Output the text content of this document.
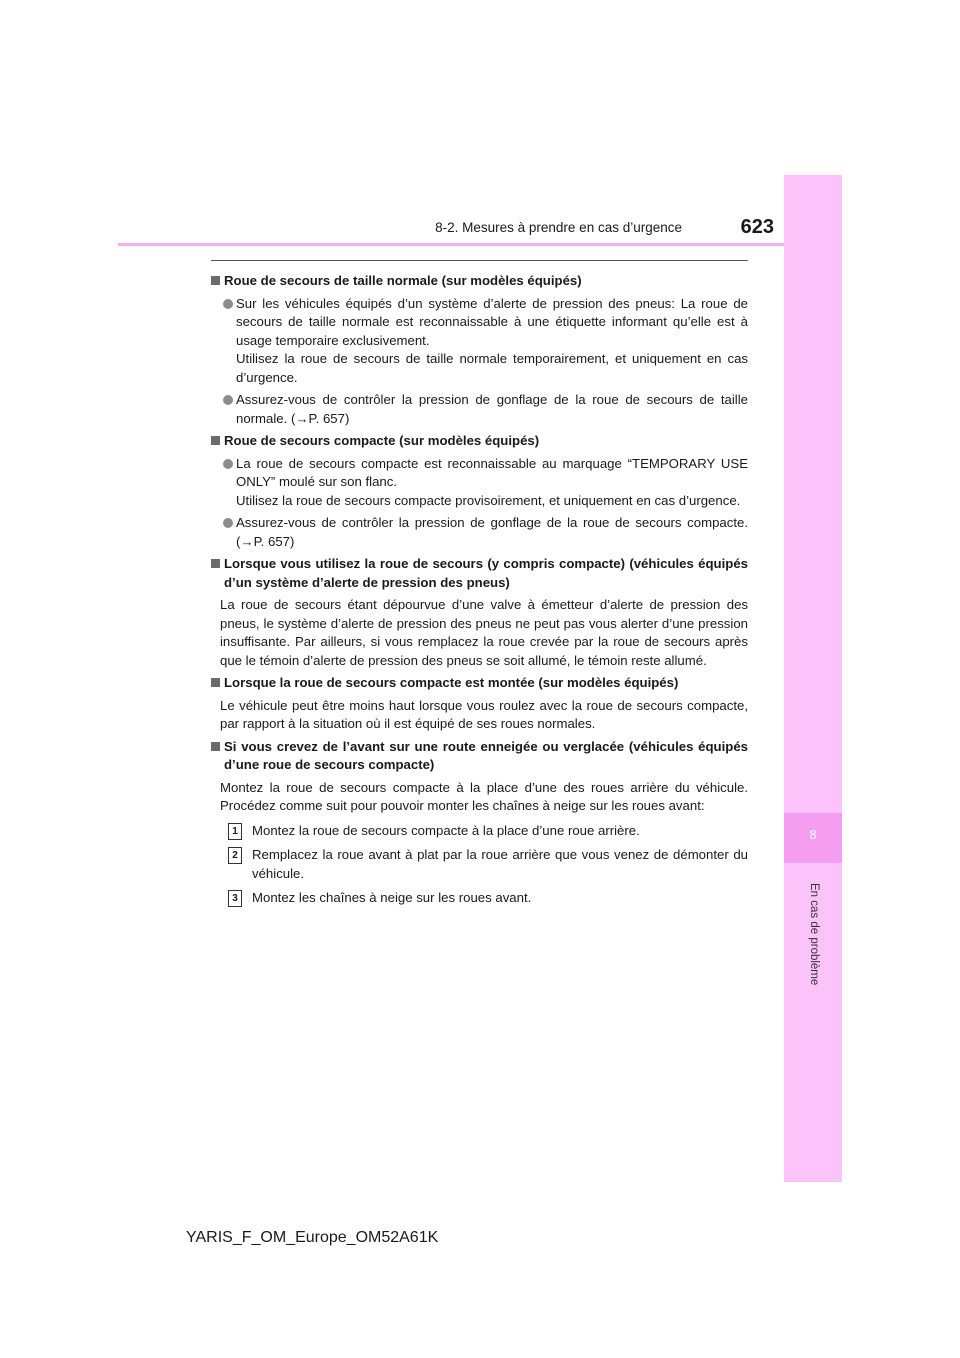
8-2. Mesures à prendre en cas d’urgence	623
8
En cas de problème
Roue de secours de taille normale (sur modèles équipés)
Sur les véhicules équipés d’un système d’alerte de pression des pneus: La roue de secours de taille normale est reconnaissable à une étiquette informant qu’elle est à usage temporaire exclusivement.
Utilisez la roue de secours de taille normale temporairement, et uniquement en cas d’urgence.
Assurez-vous de contrôler la pression de gonflage de la roue de secours de taille normale. (→P. 657)
Roue de secours compacte (sur modèles équipés)
La roue de secours compacte est reconnaissable au marquage “TEMPORARY USE ONLY” moulé sur son flanc.
Utilisez la roue de secours compacte provisoirement, et uniquement en cas d’urgence.
Assurez-vous de contrôler la pression de gonflage de la roue de secours compacte. (→P. 657)
Lorsque vous utilisez la roue de secours (y compris compacte) (véhicules équipés d’un système d’alerte de pression des pneus)
La roue de secours étant dépourvue d’une valve à émetteur d’alerte de pression des pneus, le système d’alerte de pression des pneus ne peut pas vous alerter d’une pression insuffisante. Par ailleurs, si vous remplacez la roue crevée par la roue de secours après que le témoin d’alerte de pression des pneus se soit allumé, le témoin reste allumé.
Lorsque la roue de secours compacte est montée (sur modèles équipés)
Le véhicule peut être moins haut lorsque vous roulez avec la roue de secours compacte, par rapport à la situation où il est équipé de ses roues normales.
Si vous crevez de l’avant sur une route enneigée ou verglacée (véhicules équipés d’une roue de secours compacte)
Montez la roue de secours compacte à la place d’une des roues arrière du véhicule. Procédez comme suit pour pouvoir monter les chaînes à neige sur les roues avant:
1	Montez la roue de secours compacte à la place d’une roue arrière.
2	Remplacez la roue avant à plat par la roue arrière que vous venez de démonter du véhicule.
3	Montez les chaînes à neige sur les roues avant.
YARIS_F_OM_Europe_OM52A61K
